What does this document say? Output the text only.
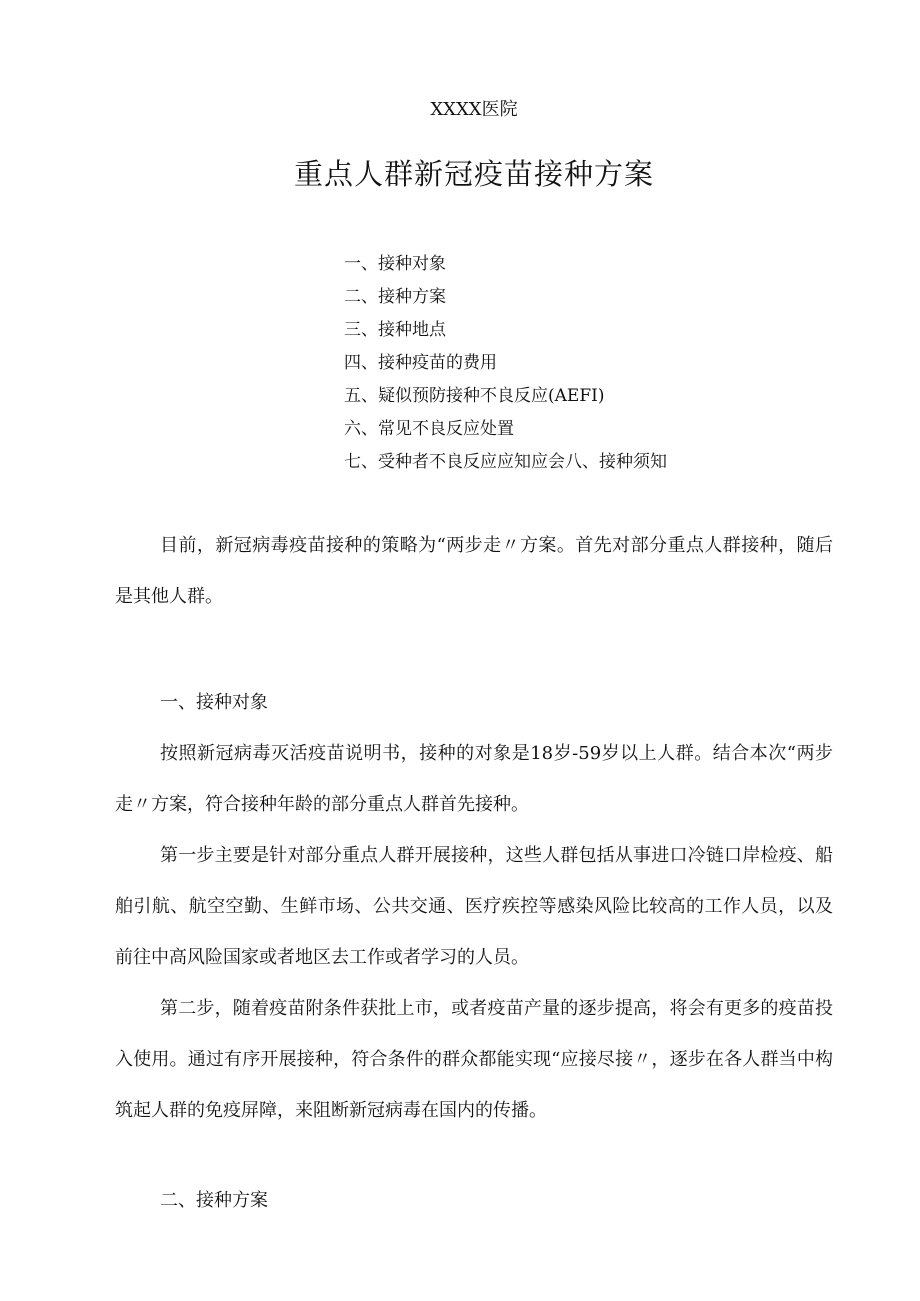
XXXX医院
重点人群新冠疫苗接种方案
一、接种对象
二、接种方案
三、接种地点
四、接种疫苗的费用
五、疑似预防接种不良反应(AEFI)
六、常见不良反应处置
七、受种者不良反应应知应会八、接种须知

目前，新冠病毒疫苗接种的策略为“两步走〃方案。首先对部分重点人群接种，随后是其他人群。

一、接种对象

按照新冠病毒灭活疫苗说明书，接种的对象是18岁-59岁以上人群。结合本次“两步走〃方案，符合接种年龄的部分重点人群首先接种。

第一步主要是针对部分重点人群开展接种，这些人群包括从事进口冷链口岸检疫、船舶引航、航空空勤、生鲜市场、公共交通、医疗疾控等感染风险比较高的工作人员，以及前往中高风险国家或者地区去工作或者学习的人员。

第二步，随着疫苗附条件获批上市，或者疫苗产量的逐步提高，将会有更多的疫苗投入使用。通过有序开展接种，符合条件的群众都能实现“应接尽接〃，逐步在各人群当中构筑起人群的免疫屏障，来阻断新冠病毒在国内的传播。

二、接种方案
